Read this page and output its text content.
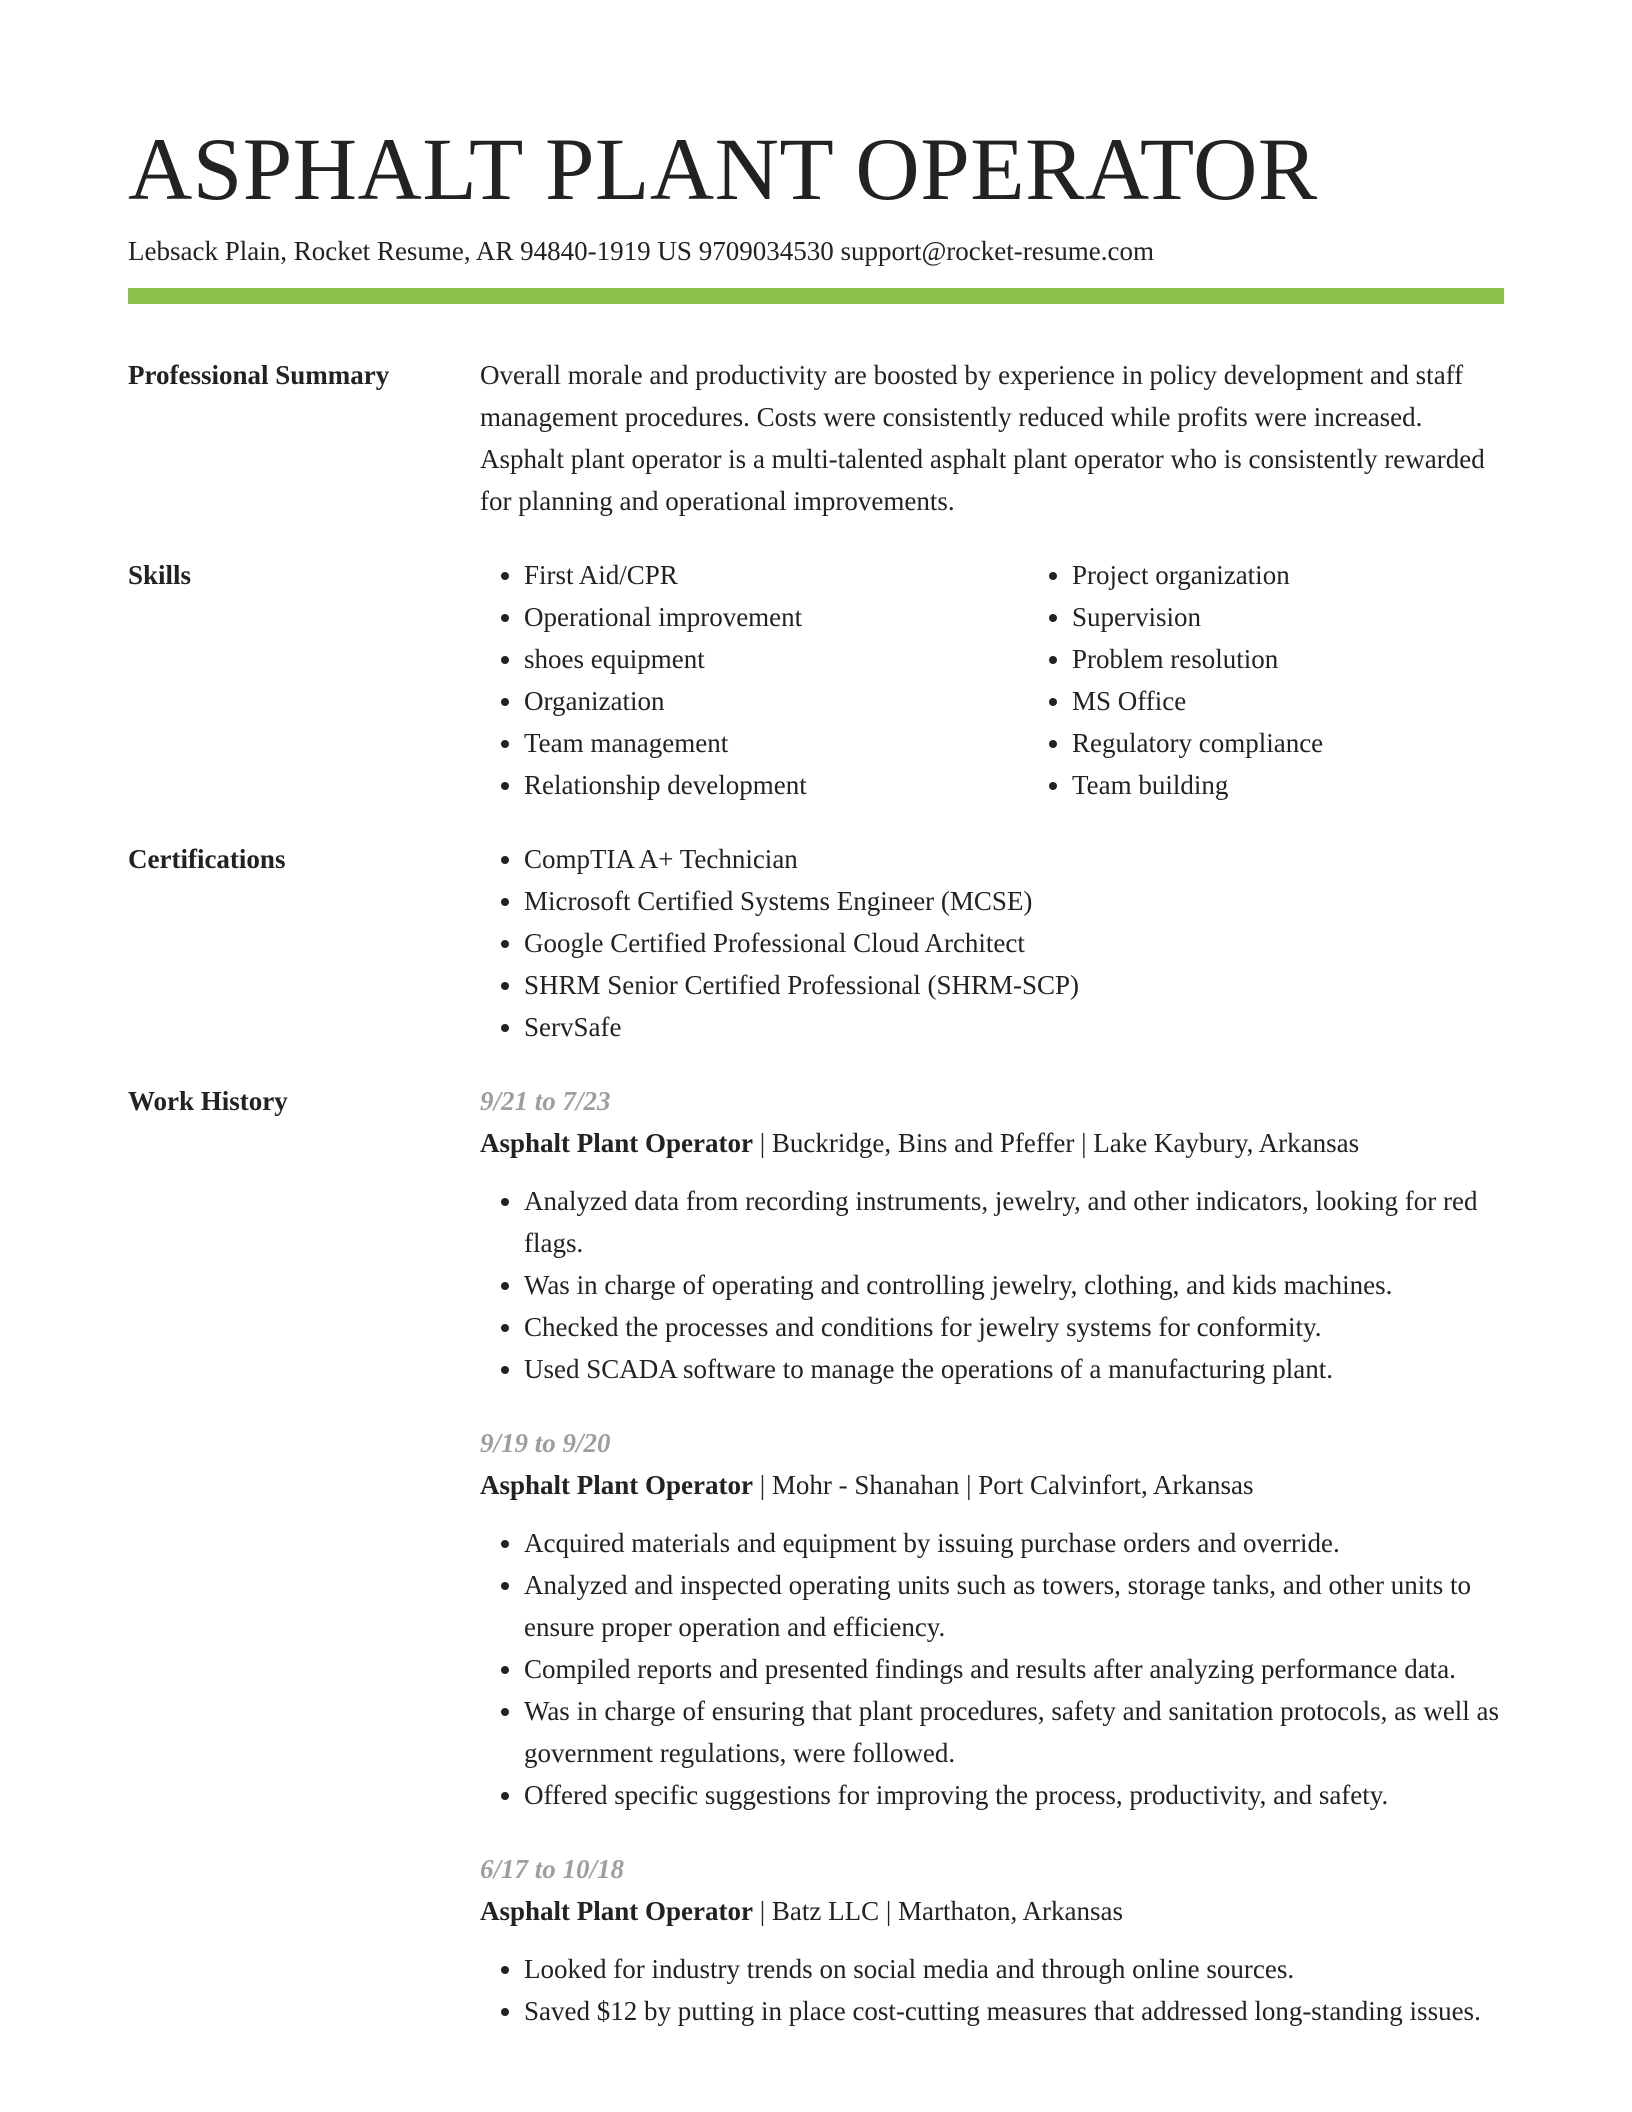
ASPHALT PLANT OPERATOR
Lebsack Plain, Rocket Resume, AR 94840-1919 US 9709034530 support@rocket-resume.com
Professional Summary	Overall morale and productivity are boosted by experience in policy development and staff management procedures. Costs were consistently reduced while profits were increased. Asphalt plant operator is a multi-talented asphalt plant operator who is consistently rewarded for planning and operational improvements.
Skills	• First Aid/CPR
• Operational improvement
• shoes equipment
• Organization
• Team management
• Relationship development
• Project organization
• Supervision
• Problem resolution
• MS Office
• Regulatory compliance
• Team building
Certifications	• CompTIA A+ Technician
• Microsoft Certified Systems Engineer (MCSE)
• Google Certified Professional Cloud Architect
• SHRM Senior Certified Professional (SHRM-SCP)
• ServSafe
Work History	9/21 to 7/23
Asphalt Plant Operator | Buckridge, Bins and Pfeffer | Lake Kaybury, Arkansas
• Analyzed data from recording instruments, jewelry, and other indicators, looking for red flags.
• Was in charge of operating and controlling jewelry, clothing, and kids machines.
• Checked the processes and conditions for jewelry systems for conformity.
• Used SCADA software to manage the operations of a manufacturing plant.
9/19 to 9/20
Asphalt Plant Operator | Mohr - Shanahan | Port Calvinfort, Arkansas
• Acquired materials and equipment by issuing purchase orders and override.
• Analyzed and inspected operating units such as towers, storage tanks, and other units to ensure proper operation and efficiency.
• Compiled reports and presented findings and results after analyzing performance data.
• Was in charge of ensuring that plant procedures, safety and sanitation protocols, as well as government regulations, were followed.
• Offered specific suggestions for improving the process, productivity, and safety.
6/17 to 10/18
Asphalt Plant Operator | Batz LLC | Marthaton, Arkansas
• Looked for industry trends on social media and through online sources.
• Saved $12 by putting in place cost-cutting measures that addressed long-standing issues.
